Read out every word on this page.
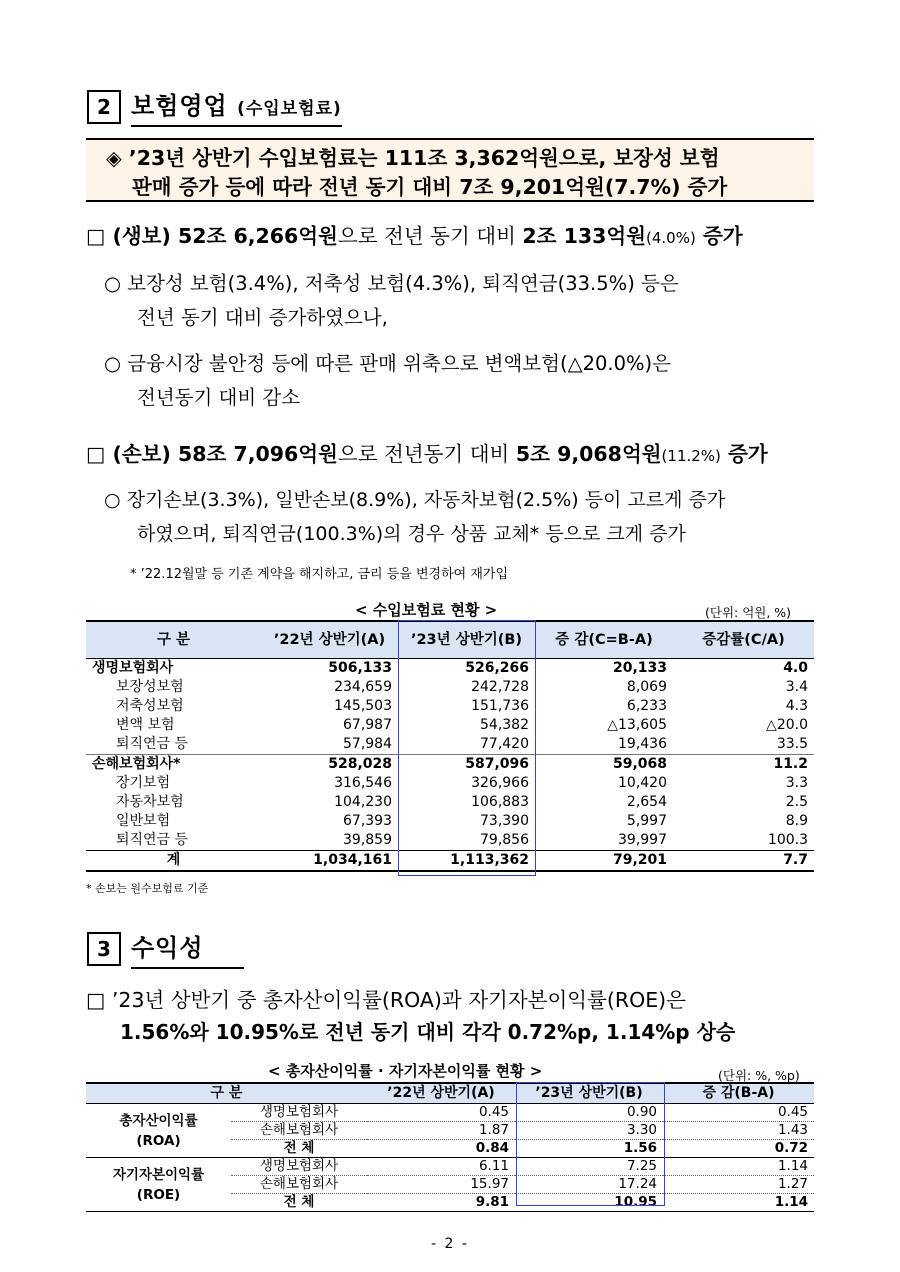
2 보험영업 (수입보험료)
◈ ’23년 상반기 수입보험료는 111조 3,362억원으로, 보장성 보험
판매 증가 등에 따라 전년 동기 대비 7조 9,201억원(7.7%) 증가
□ (생보) 52조 6,266억원으로 전년 동기 대비 2조 133억원(4.0%) 증가
○ 보장성 보험(3.4%), 저축성 보험(4.3%), 퇴직연금(33.5%) 등은
전년 동기 대비 증가하였으나,
○ 금융시장 불안정 등에 따른 판매 위축으로 변액보험(△20.0%)은
전년동기 대비 감소
□ (손보) 58조 7,096억원으로 전년동기 대비 5조 9,068억원(11.2%) 증가
○ 장기손보(3.3%), 일반손보(8.9%), 자동차보험(2.5%) 등이 고르게 증가
하였으며, 퇴직연금(100.3%)의 경우 상품 교체* 등으로 크게 증가
* ’22.12월말 등 기존 계약을 해지하고, 금리 등을 변경하여 재가입
< 수입보험료 현황 >	(단위: 억원, %)
구 분	’22년 상반기(A)	’23년 상반기(B)	증 감(C=B-A)	증감률(C/A)
생명보험회사	506,133	526,266	20,133	4.0
보장성보험	234,659	242,728	8,069	3.4
저축성보험	145,503	151,736	6,233	4.3
변액 보험	67,987	54,382	△13,605	△20.0
퇴직연금 등	57,984	77,420	19,436	33.5
손해보험회사*	528,028	587,096	59,068	11.2
장기보험	316,546	326,966	10,420	3.3
자동차보험	104,230	106,883	2,654	2.5
일반보험	67,393	73,390	5,997	8.9
퇴직연금 등	39,859	79,856	39,997	100.3
계	1,034,161	1,113,362	79,201	7.7
* 손보는 원수보험료 기준
3 수익성
□ ’23년 상반기 중 총자산이익률(ROA)과 자기자본이익률(ROE)은
1.56%와 10.95%로 전년 동기 대비 각각 0.72%p, 1.14%p 상승
< 총자산이익률 · 자기자본이익률 현황 >	(단위: %, %p)
구 분		’22년 상반기(A)	’23년 상반기(B)	증 감(B-A)

총자산이익률
(ROA)	생명보험회사	0.45	0.90	0.45
	손해보험회사	1.87	3.30	1.43
	전 체	0.84	1.56	0.72

자기자본이익률
(ROE)	생명보험회사	6.11	7.25	1.14
	손해보험회사	15.97	17.24	1.27
	전 체	9.81	10.95	1.14
- 2 -
